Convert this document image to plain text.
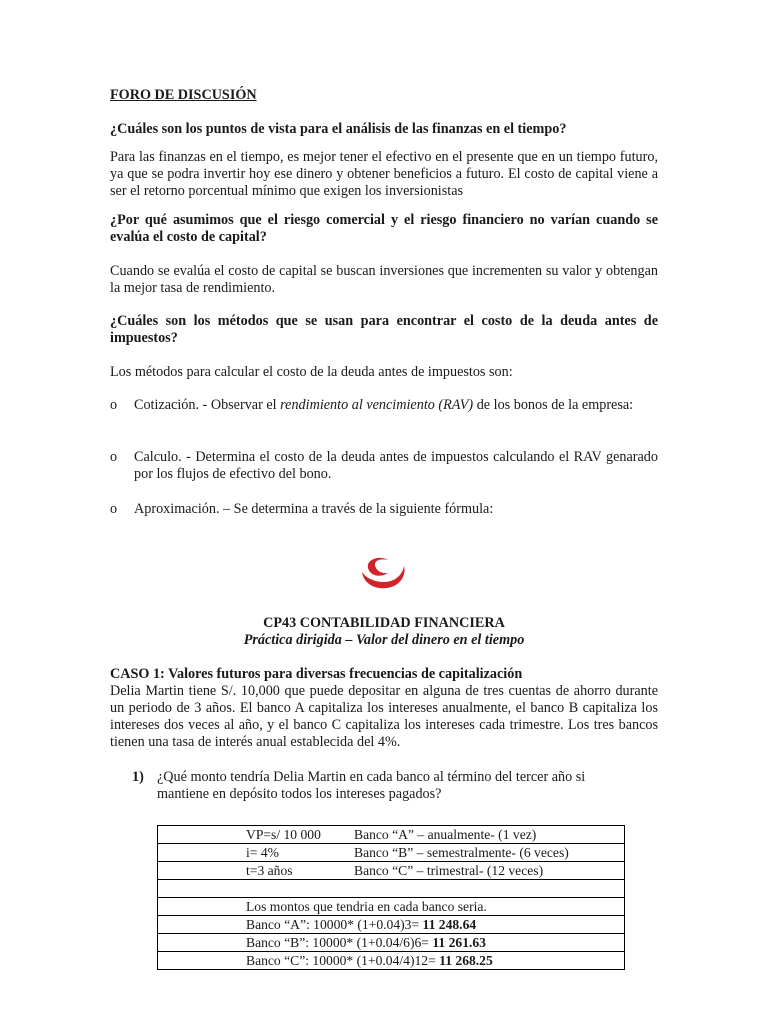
FORO DE DISCUSIÓN
¿Cuáles son los puntos de vista para el análisis de las finanzas en el tiempo?
Para las finanzas en el tiempo, es mejor tener el efectivo en el presente que en un tiempo futuro, ya que se podra invertir hoy ese dinero y obtener beneficios a futuro. El costo de capital viene a ser el retorno porcentual mínimo que exigen los inversionistas
¿Por qué asumimos que el riesgo comercial y el riesgo financiero no varían cuando se evalúa el costo de capital?
Cuando se evalúa el costo de capital se buscan inversiones que incrementen su valor y obtengan la mejor tasa de rendimiento.
¿Cuáles son los métodos que se usan para encontrar el costo de la deuda antes de impuestos?
Los métodos para calcular el costo de la deuda antes de impuestos son:
o	Cotización. - Observar el rendimiento al vencimiento (RAV) de los bonos de la empresa:
o	Calculo. - Determina el costo de la deuda antes de impuestos calculando el RAV genarado por los flujos de efectivo del bono.
o	Aproximación. – Se determina a través de la siguiente fórmula:
CP43 CONTABILIDAD FINANCIERA
Práctica dirigida – Valor del dinero en el tiempo
CASO 1: Valores futuros para diversas frecuencias de capitalización
Delia Martin tiene S/. 10,000 que puede depositar en alguna de tres cuentas de ahorro durante un periodo de 3 años. El banco A capitaliza los intereses anualmente, el banco B capitaliza los intereses dos veces al año, y el banco C capitaliza los intereses cada trimestre. Los tres bancos tienen una tasa de interés anual establecida del 4%.
1) ¿Qué monto tendría Delia Martin en cada banco al término del tercer año si mantiene en depósito todos los intereses pagados?
VP=s/ 10 000 Banco “A” – anualmente- (1 vez)
i= 4%	Banco “B” – semestralmente- (6 veces)
t=3 años	Banco “C” – trimestral- (12 veces)

Los montos que tendria en cada banco seria.
Banco “A”: 10000* (1+0.04)3= 11 248.64
Banco “B”: 10000* (1+0.04/6)6= 11 261.63
Banco “C”: 10000* (1+0.04/4)12= 11 268.25
